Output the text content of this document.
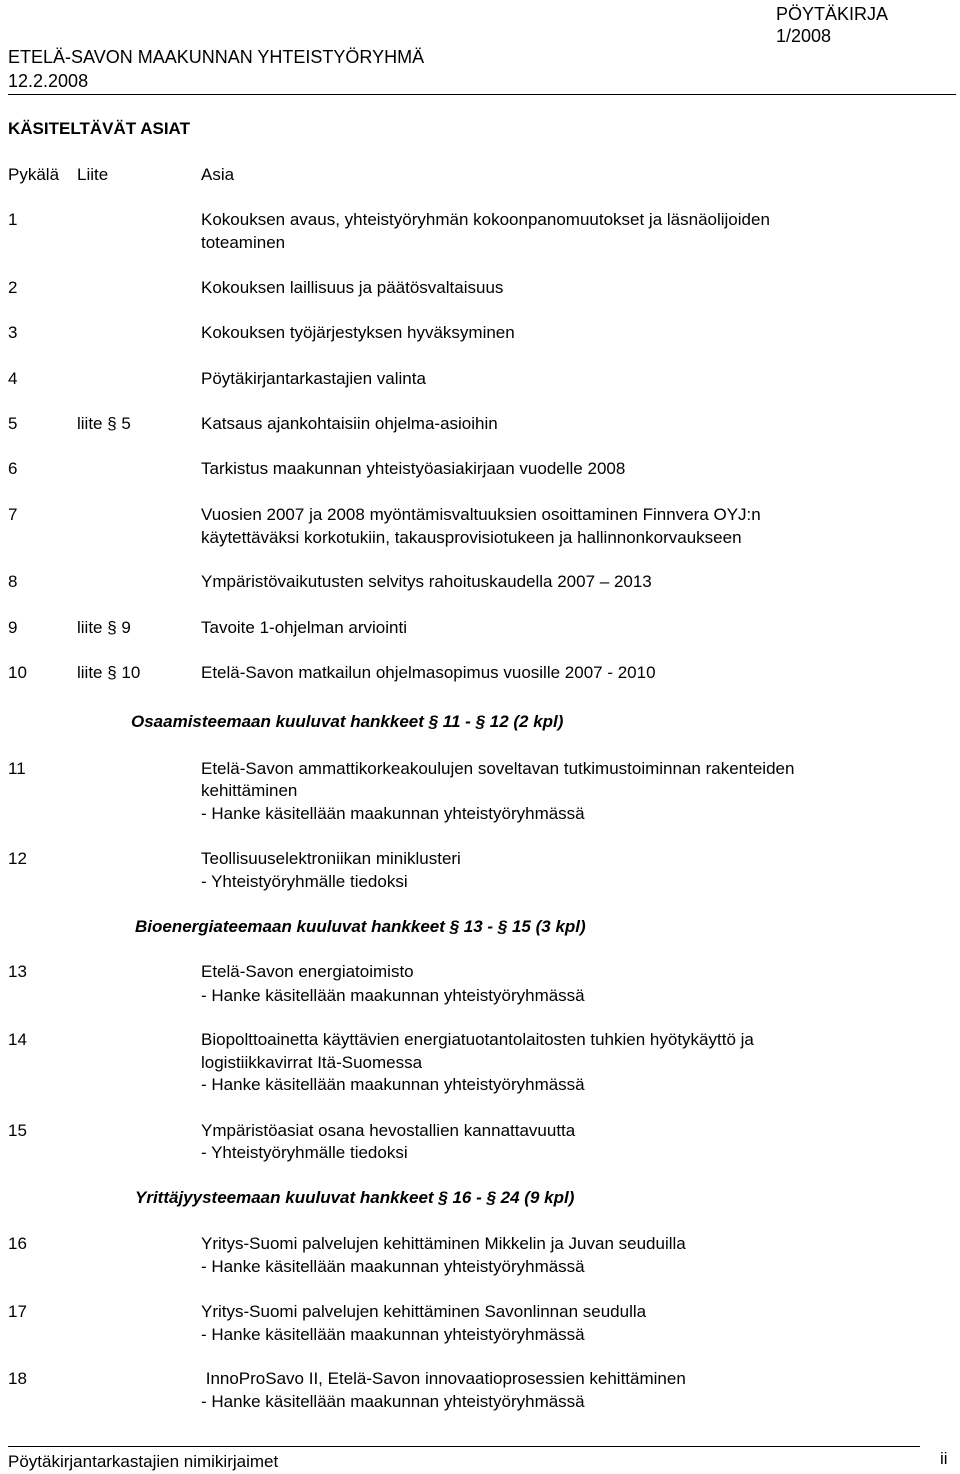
PÖYTÄKIRJA
1/2008
ETELÄ-SAVON MAAKUNNAN YHTEISTYÖRYHMÄ
12.2.2008
KÄSITELTÄVÄT ASIAT
Pykälä Liite	Asia
1	Kokouksen avaus, yhteistyöryhmän kokoonpanomuutokset ja läsnäolijoiden
toteaminen
2	Kokouksen laillisuus ja päätösvaltaisuus
3	Kokouksen työjärjestyksen hyväksyminen
4	Pöytäkirjantarkastajien valinta
5	liite § 5	Katsaus ajankohtaisiin ohjelma-asioihin
6	Tarkistus maakunnan yhteistyöasiakirjaan vuodelle 2008
7	Vuosien 2007 ja 2008 myöntämisvaltuuksien osoittaminen Finnvera OYJ:n
käytettäväksi korkotukiin, takausprovisiotukeen ja hallinnonkorvaukseen
8	Ympäristövaikutusten selvitys rahoituskaudella 2007 – 2013
9	liite § 9	Tavoite 1-ohjelman arviointi
10	liite § 10	Etelä-Savon matkailun ohjelmasopimus vuosille 2007 - 2010
Osaamisteemaan kuuluvat hankkeet § 11 - § 12 (2 kpl)
11	Etelä-Savon ammattikorkeakoulujen soveltavan tutkimustoiminnan rakenteiden
kehittäminen
- Hanke käsitellään maakunnan yhteistyöryhmässä
12	Teollisuuselektroniikan miniklusteri
- Yhteistyöryhmälle tiedoksi
Bioenergiateemaan kuuluvat hankkeet § 13 - § 15 (3 kpl)
13	Etelä-Savon energiatoimisto
- Hanke käsitellään maakunnan yhteistyöryhmässä
14	Biopolttoainetta käyttävien energiatuotantolaitosten tuhkien hyötykäyttö ja
logistiikkavirrat Itä-Suomessa
- Hanke käsitellään maakunnan yhteistyöryhmässä
15	Ympäristöasiat osana hevostallien kannattavuutta
- Yhteistyöryhmälle tiedoksi
Yrittäjyysteemaan kuuluvat hankkeet § 16 - § 24 (9 kpl)
16	Yritys-Suomi palvelujen kehittäminen Mikkelin ja Juvan seuduilla
- Hanke käsitellään maakunnan yhteistyöryhmässä
17	Yritys-Suomi palvelujen kehittäminen Savonlinnan seudulla
- Hanke käsitellään maakunnan yhteistyöryhmässä
18	InnoProSavo II, Etelä-Savon innovaatioprosessien kehittäminen
- Hanke käsitellään maakunnan yhteistyöryhmässä
Pöytäkirjantarkastajien nimikirjaimet	ii
